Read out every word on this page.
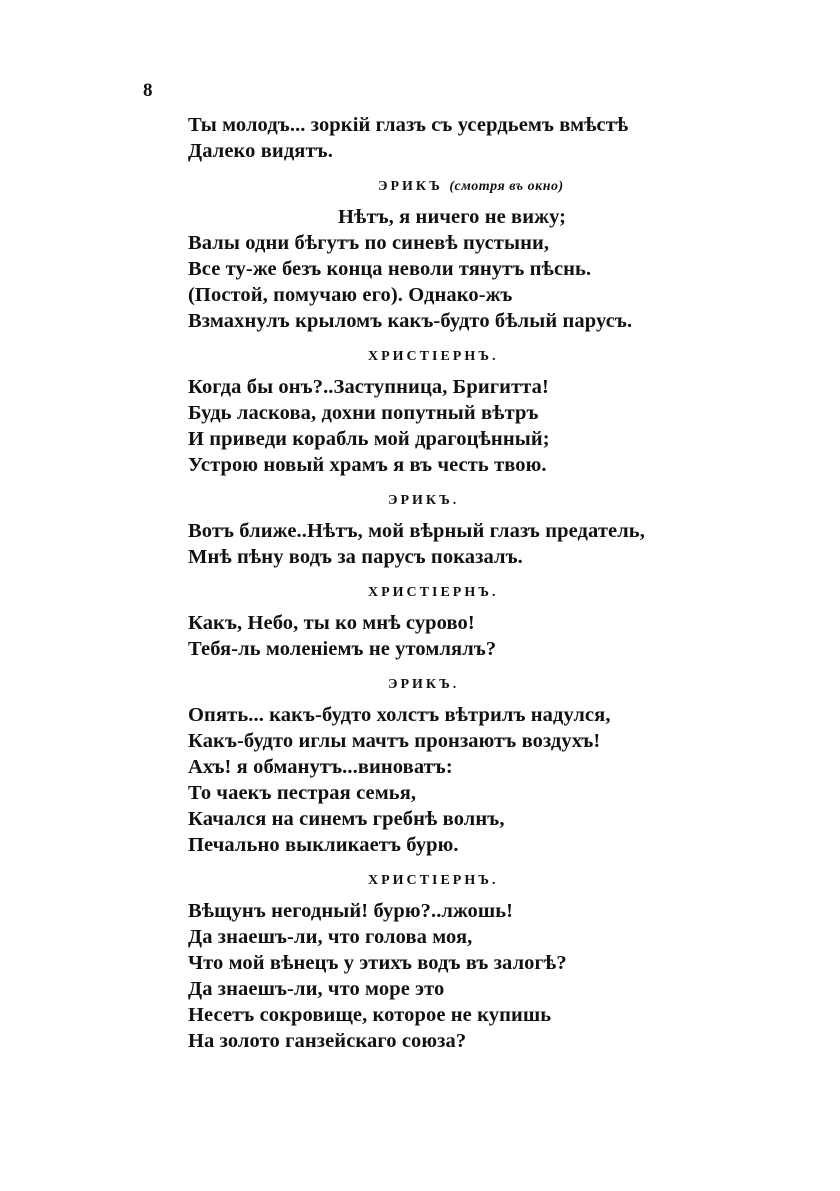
8
Ты молодъ... зоркій глазъ съ усердьемъ вмѣстѣ
Далеко видятъ.
ЭРИКЪ (смотря въ окно)
Нѣтъ, я ничего не вижу;
Валы одни бѣгутъ по синевѣ пустыни,
Все ту-же безъ конца неволи тянутъ пѣснь.
(Постой, помучаю его). Однако-жъ
Взмахнулъ крыломъ какъ-будто бѣлый парусъ.
ХРИСТІЕРНЪ.
Когда бы онъ?..Заступница, Бригитта!
Будь ласкова, дохни попутный вѣтръ
И приведи корабль мой драгоцѣнный;
Устрою новый храмъ я въ честь твою.
ЭРИКЪ.
Вотъ ближе..Нѣтъ, мой вѣрный глазъ предатель,
Мнѣ пѣну водъ за парусъ показалъ.
ХРИСТІЕРНЪ.
Какъ, Небо, ты ко мнѣ сурово!
Тебя-ль моленіемъ не утомлялъ?
ЭРИКЪ.
Опять... какъ-будто холстъ вѣтрилъ надулся,
Какъ-будто иглы мачтъ пронзаютъ воздухъ!
Ахъ! я обманутъ...виноватъ:
То чаекъ пестрая семья,
Качался на синемъ гребнѣ волнъ,
Печально выкликаетъ бурю.
ХРИСТІЕРНЪ.
Вѣщунъ негодный! бурю?..лжошь!
Да знаешъ-ли, что голова моя,
Что мой вѣнецъ у этихъ водъ въ залогѣ?
Да знаешъ-ли, что море это
Несетъ сокровище, которое не купишь
На золото ганзейскаго союза?
